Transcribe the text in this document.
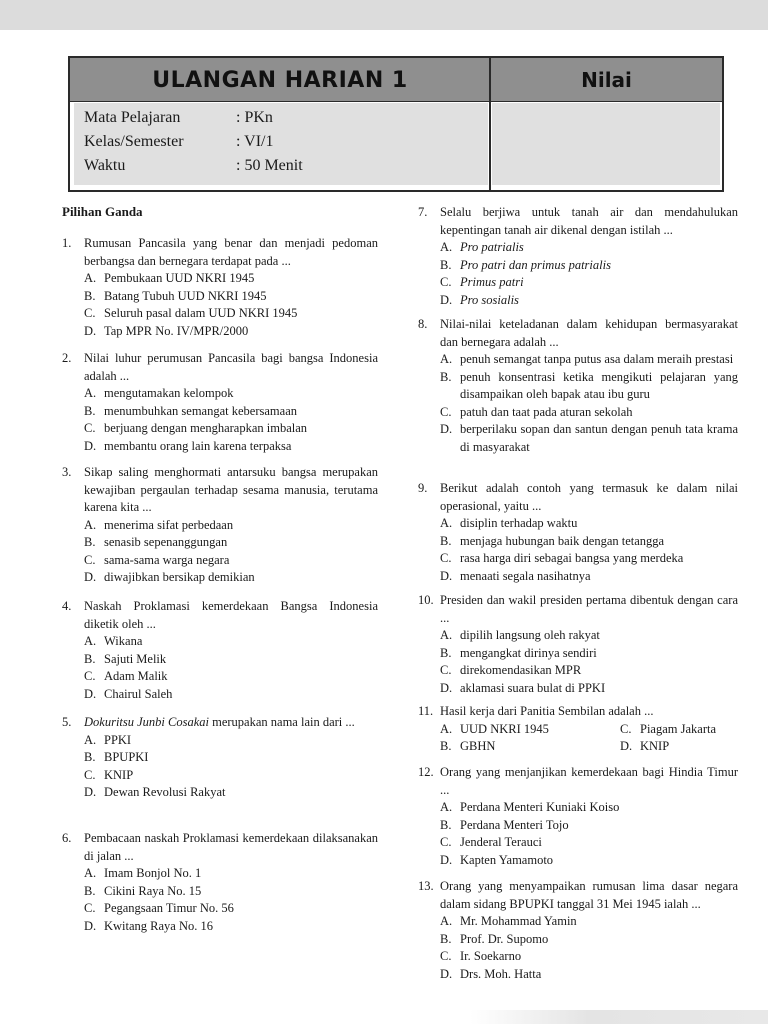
ULANGAN HARIAN 1	Nilai
Mata Pelajaran	: PKn
Kelas/Semester	: VI/1
Waktu	: 50 Menit
Pilihan Ganda
1. Rumusan Pancasila yang benar dan menjadi pedoman berbangsa dan bernegara terdapat pada ...
A. Pembukaan UUD NKRI 1945
B. Batang Tubuh UUD NKRI 1945
C. Seluruh pasal dalam UUD NKRI 1945
D. Tap MPR No. IV/MPR/2000
2. Nilai luhur perumusan Pancasila bagi bangsa Indonesia adalah ...
A. mengutamakan kelompok
B. menumbuhkan semangat kebersamaan
C. berjuang dengan mengharapkan imbalan
D. membantu orang lain karena terpaksa
3. Sikap saling menghormati antarsuku bangsa merupakan kewajiban pergaulan terhadap sesama manusia, terutama karena kita ...
A. menerima sifat perbedaan
B. senasib sepenanggungan
C. sama-sama warga negara
D. diwajibkan bersikap demikian
4. Naskah Proklamasi kemerdekaan Bangsa Indonesia diketik oleh ...
A. Wikana
B. Sajuti Melik
C. Adam Malik
D. Chairul Saleh
5. Dokuritsu Junbi Cosakai merupakan nama lain dari ...
A. PPKI
B. BPUPKI
C. KNIP
D. Dewan Revolusi Rakyat
6. Pembacaan naskah Proklamasi kemerdekaan dilaksanakan di jalan ...
A. Imam Bonjol No. 1
B. Cikini Raya No. 15
C. Pegangsaan Timur No. 56
D. Kwitang Raya No. 16
7. Selalu berjiwa untuk tanah air dan mendahulukan kepentingan tanah air dikenal dengan istilah ...
A. Pro patrialis
B. Pro patri dan primus patrialis
C. Primus patri
D. Pro sosialis
8. Nilai-nilai keteladanan dalam kehidupan bermasyarakat dan bernegara adalah ...
A. penuh semangat tanpa putus asa dalam meraih prestasi
B. penuh konsentrasi ketika mengikuti pelajaran yang disampaikan oleh bapak atau ibu guru
C. patuh dan taat pada aturan sekolah
D. berperilaku sopan dan santun dengan penuh tata krama di masyarakat
9. Berikut adalah contoh yang termasuk ke dalam nilai operasional, yaitu ...
A. disiplin terhadap waktu
B. menjaga hubungan baik dengan tetangga
C. rasa harga diri sebagai bangsa yang merdeka
D. menaati segala nasihatnya
10. Presiden dan wakil presiden pertama dibentuk dengan cara ...
A. dipilih langsung oleh rakyat
B. mengangkat dirinya sendiri
C. direkomendasikan MPR
D. aklamasi suara bulat di PPKI
11. Hasil kerja dari Panitia Sembilan adalah ...
A. UUD NKRI 1945	C. Piagam Jakarta
B. GBHN	D. KNIP
12. Orang yang menjanjikan kemerdekaan bagi Hindia Timur ...
A. Perdana Menteri Kuniaki Koiso
B. Perdana Menteri Tojo
C. Jenderal Terauci
D. Kapten Yamamoto
13. Orang yang menyampaikan rumusan lima dasar negara dalam sidang BPUPKI tanggal 31 Mei 1945 ialah ...
A. Mr. Mohammad Yamin
B. Prof. Dr. Supomo
C. Ir. Soekarno
D. Drs. Moh. Hatta
